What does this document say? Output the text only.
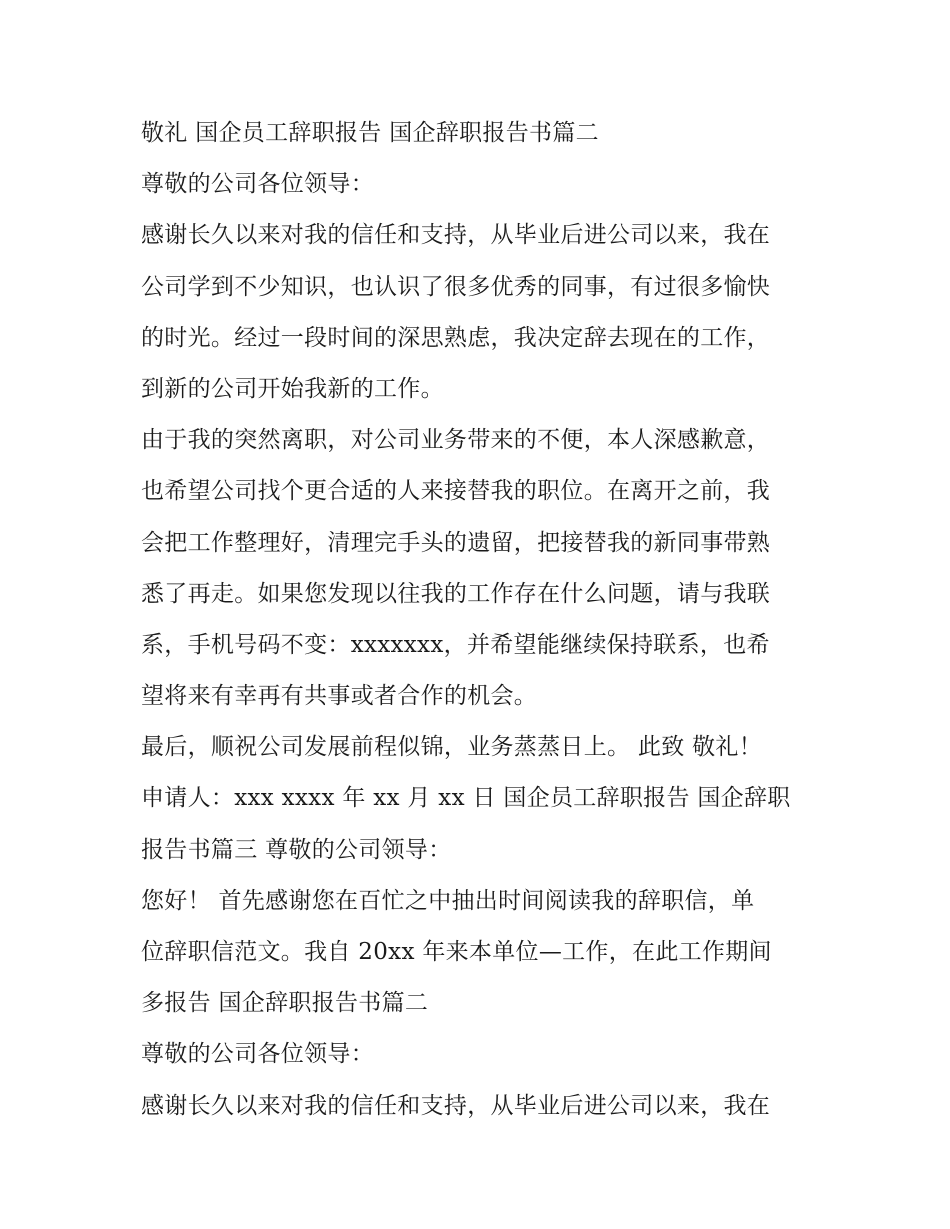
敬礼 国企员工辞职报告 国企辞职报告书篇二
尊敬的公司各位领导：
感谢长久以来对我的信任和支持，从毕业后进公司以来，我在
公司学到不少知识，也认识了很多优秀的同事，有过很多愉快
的时光。经过一段时间的深思熟虑，我决定辞去现在的工作，
到新的公司开始我新的工作。
由于我的突然离职，对公司业务带来的不便，本人深感歉意，
也希望公司找个更合适的人来接替我的职位。在离开之前，我
会把工作整理好，清理完手头的遗留，把接替我的新同事带熟
悉了再走。如果您发现以往我的工作存在什么问题，请与我联
系，手机号码不变：xxxxxxx，并希望能继续保持联系，也希
望将来有幸再有共事或者合作的机会。
最后，顺祝公司发展前程似锦，业务蒸蒸日上。 此致 敬礼！
申请人：xxx xxxx 年 xx 月 xx 日 国企员工辞职报告 国企辞职
报告书篇三 尊敬的公司领导：
您好！ 首先感谢您在百忙之中抽出时间阅读我的辞职信，单
位辞职信范文。我自 20xx 年来本单位—工作，在此工作期间
多报告 国企辞职报告书篇二
尊敬的公司各位领导：
感谢长久以来对我的信任和支持，从毕业后进公司以来，我在
